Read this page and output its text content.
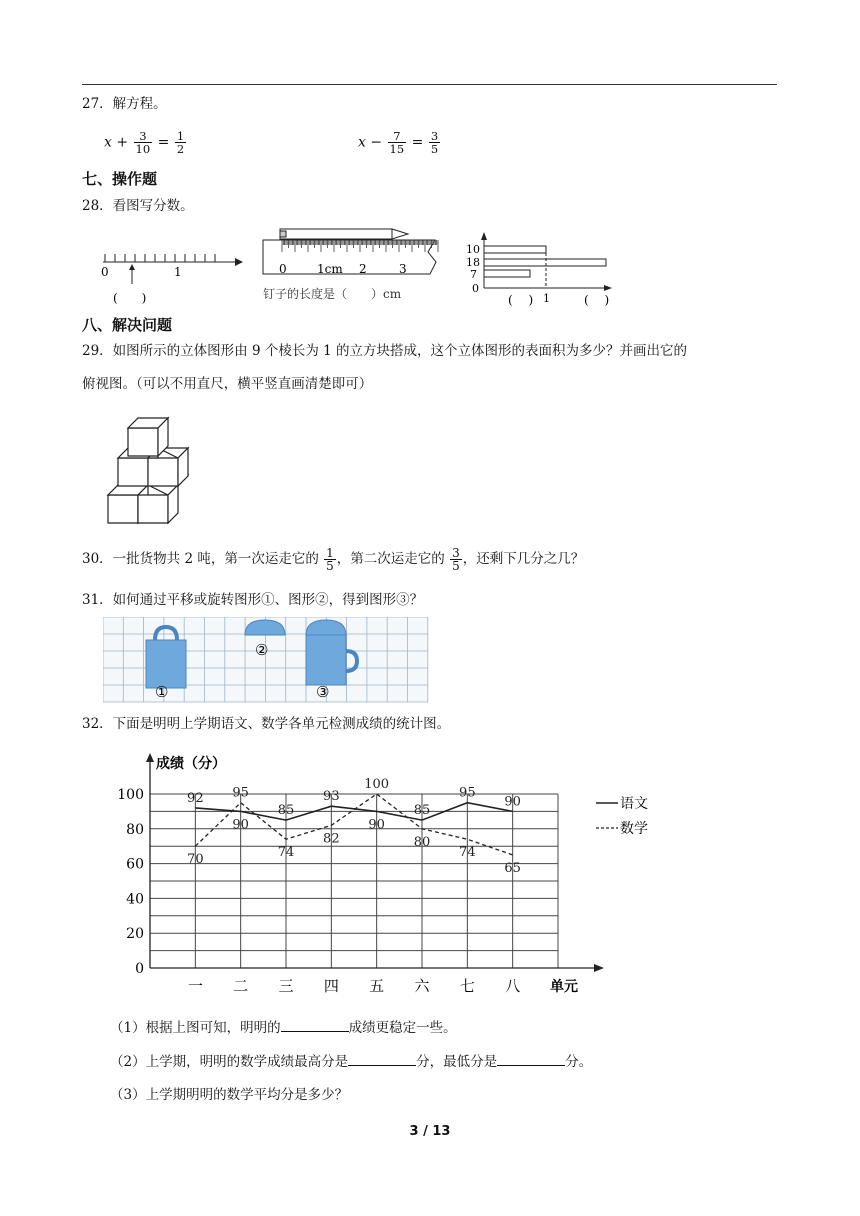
27．解方程。
$x + \frac{3}{10} = \frac{1}{2}$	$x - \frac{7}{15} = \frac{3}{5}$
七、操作题
28．看图写分数。
0	1
(　　)
0	1cm 2	3
钉子的长度是（　　）cm
10
18
7
0
1
(　 )	(　 )
八、解决问题
29．如图所示的立体图形由 9 个棱长为 1 的立方块搭成，这个立体图形的表面积为多少？并画出它的
俯视图。（可以不用直尺，横平竖直画清楚即可）
30．一批货物共 2 吨，第一次运走它的 $\frac{1}{5}$ ，第二次运走它的 $\frac{3}{5}$ ，还剩下几分之几？
31．如何通过平移或旋转图形①、图形②，得到图形③？
①
②
③
32．下面是明明上学期语文、数学各单元检测成绩的统计图。
成绩（分）
单元
语文
数学
0
20
40
60
80
100
一 二 三 四 五 六 七 八
92
90
85
93
90
85
95
90
70
95
74
82
100
80
74
65
（1）根据上图可知，明明的	成绩更稳定一些。
（2）上学期，明明的数学成绩最高分是	分，最低分是	分。
（3）上学期明明的数学平均分是多少？
3 / 13
